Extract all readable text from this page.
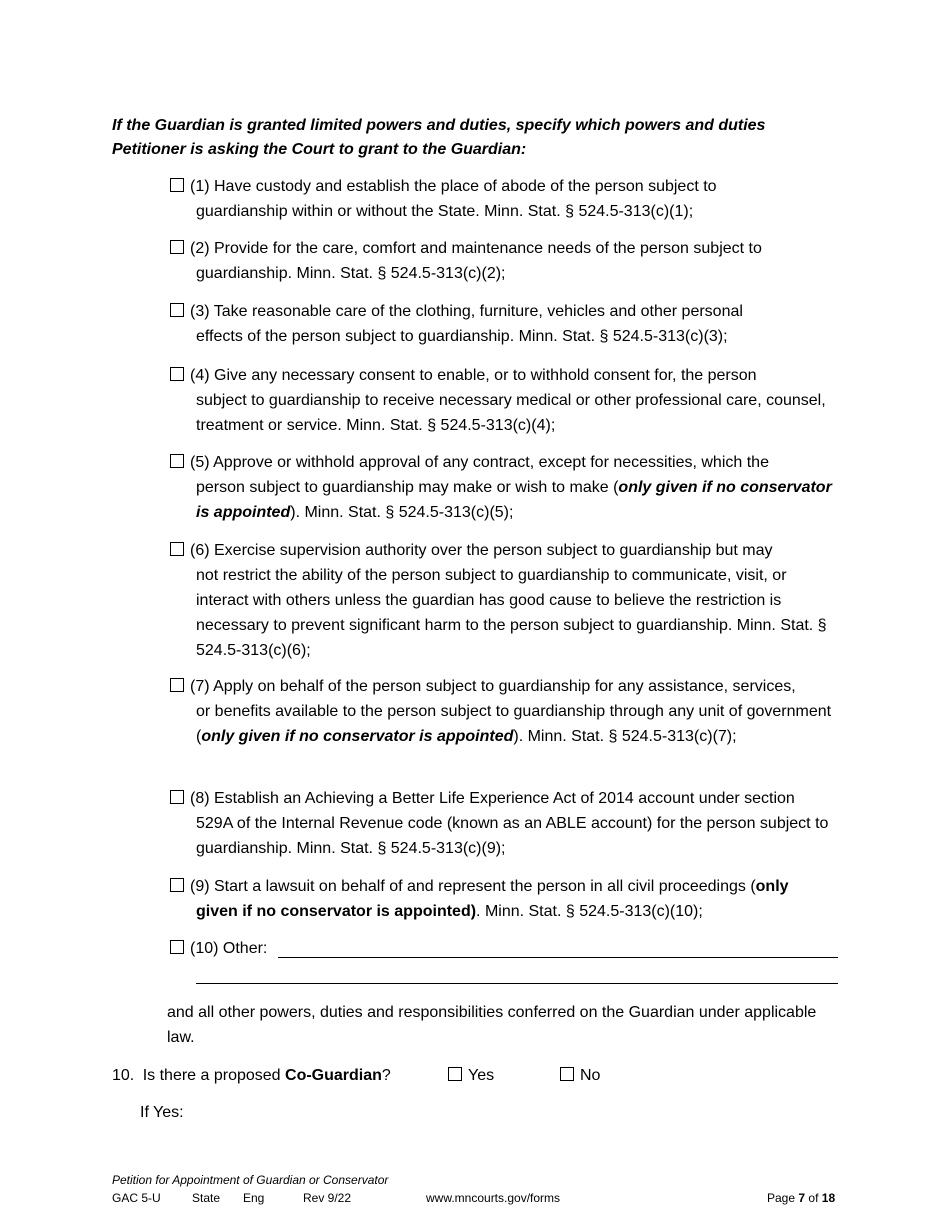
If the Guardian is granted limited powers and duties, specify which powers and duties Petitioner is asking the Court to grant to the Guardian:
(1) Have custody and establish the place of abode of the person subject to
guardianship within or without the State. Minn. Stat. § 524.5-313(c)(1);
(2) Provide for the care, comfort and maintenance needs of the person subject to
guardianship. Minn. Stat. § 524.5-313(c)(2);
(3) Take reasonable care of the clothing, furniture, vehicles and other personal
effects of the person subject to guardianship. Minn. Stat. § 524.5-313(c)(3);
(4) Give any necessary consent to enable, or to withhold consent for, the person
subject to guardianship to receive necessary medical or other professional care, counsel, treatment or service. Minn. Stat. § 524.5-313(c)(4);
(5) Approve or withhold approval of any contract, except for necessities, which the
person subject to guardianship may make or wish to make (only given if no conservator is appointed). Minn. Stat. § 524.5-313(c)(5);
(6) Exercise supervision authority over the person subject to guardianship but may
not restrict the ability of the person subject to guardianship to communicate, visit, or interact with others unless the guardian has good cause to believe the restriction is necessary to prevent significant harm to the person subject to guardianship. Minn. Stat. § 524.5-313(c)(6);
(7) Apply on behalf of the person subject to guardianship for any assistance, services,
or benefits available to the person subject to guardianship through any unit of government (only given if no conservator is appointed). Minn. Stat. § 524.5-313(c)(7);
(8) Establish an Achieving a Better Life Experience Act of 2014 account under section
529A of the Internal Revenue code (known as an ABLE account) for the person subject to guardianship. Minn. Stat. § 524.5-313(c)(9);
(9) Start a lawsuit on behalf of and represent the person in all civil proceedings (only
given if no conservator is appointed). Minn. Stat. § 524.5-313(c)(10);
(10) Other:
and all other powers, duties and responsibilities conferred on the Guardian under applicable law.
10. Is there a proposed Co-Guardian?	Yes	No
If Yes:
Petition for Appointment of Guardian or Conservator
GAC 5-U	State Eng	Rev 9/22	www.mncourts.gov/forms	Page 7 of 18
